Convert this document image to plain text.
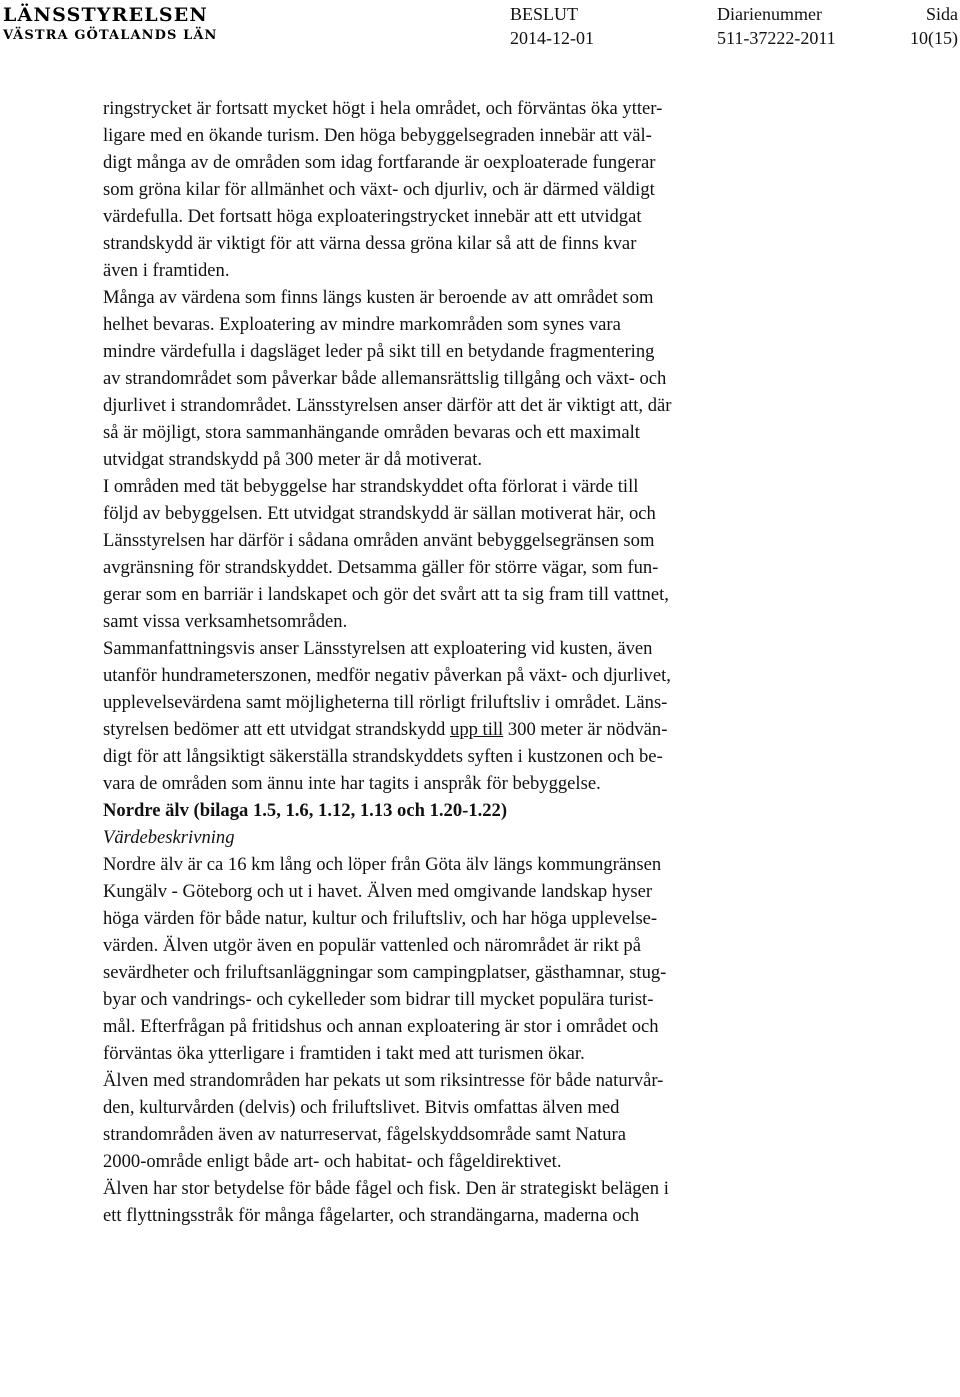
LÄNSSTYRELSEN
VÄSTRA GÖTALANDS LÄN
BESLUT
2014-12-01
Diarienummer
511-37222-2011
Sida
10(15)

ringstrycket är fortsatt mycket högt i hela området, och förväntas öka ytter-
ligare med en ökande turism. Den höga bebyggelsegraden innebär att väl-
digt många av de områden som idag fortfarande är oexploaterade fungerar
som gröna kilar för allmänhet och växt- och djurliv, och är därmed väldigt
värdefulla. Det fortsatt höga exploateringstrycket innebär att ett utvidgat
strandskydd är viktigt för att värna dessa gröna kilar så att de finns kvar
även i framtiden.

Många av värdena som finns längs kusten är beroende av att området som
helhet bevaras. Exploatering av mindre markområden som synes vara
mindre värdefulla i dagsläget leder på sikt till en betydande fragmentering
av strandområdet som påverkar både allemansrättslig tillgång och växt- och
djurlivet i strandområdet. Länsstyrelsen anser därför att det är viktigt att, där
så är möjligt, stora sammanhängande områden bevaras och ett maximalt
utvidgat strandskydd på 300 meter är då motiverat.

I områden med tät bebyggelse har strandskyddet ofta förlorat i värde till
följd av bebyggelsen. Ett utvidgat strandskydd är sällan motiverat här, och
Länsstyrelsen har därför i sådana områden använt bebyggelsegränsen som
avgränsning för strandskyddet. Detsamma gäller för större vägar, som fun-
gerar som en barriär i landskapet och gör det svårt att ta sig fram till vattnet,
samt vissa verksamhetsområden.

Sammanfattningsvis anser Länsstyrelsen att exploatering vid kusten, även
utanför hundrameterszonen, medför negativ påverkan på växt- och djurlivet,
upplevelsevärdena samt möjligheterna till rörligt friluftsliv i området. Läns-
styrelsen bedömer att ett utvidgat strandskydd upp till 300 meter är nödvän-
digt för att långsiktigt säkerställa strandskyddets syften i kustzonen och be-
vara de områden som ännu inte har tagits i anspråk för bebyggelse.

Nordre älv (bilaga 1.5, 1.6, 1.12, 1.13 och 1.20-1.22)
Värdebeskrivning

Nordre älv är ca 16 km lång och löper från Göta älv längs kommungränsen
Kungälv - Göteborg och ut i havet. Älven med omgivande landskap hyser
höga värden för både natur, kultur och friluftsliv, och har höga upplevelse-
värden. Älven utgör även en populär vattenled och närområdet är rikt på
sevärdheter och friluftsanläggningar som campingplatser, gästhamnar, stug-
byar och vandrings- och cykelleder som bidrar till mycket populära turist-
mål. Efterfrågan på fritidshus och annan exploatering är stor i området och
förväntas öka ytterligare i framtiden i takt med att turismen ökar.

Älven med strandområden har pekats ut som riksintresse för både naturvår-
den, kulturvården (delvis) och friluftslivet. Bitvis omfattas älven med
strandområden även av naturreservat, fågelskyddsområde samt Natura
2000-område enligt både art- och habitat- och fågeldirektivet.

Älven har stor betydelse för både fågel och fisk. Den är strategiskt belägen i
ett flyttningsstråk för många fågelarter, och strandängarna, maderna och
